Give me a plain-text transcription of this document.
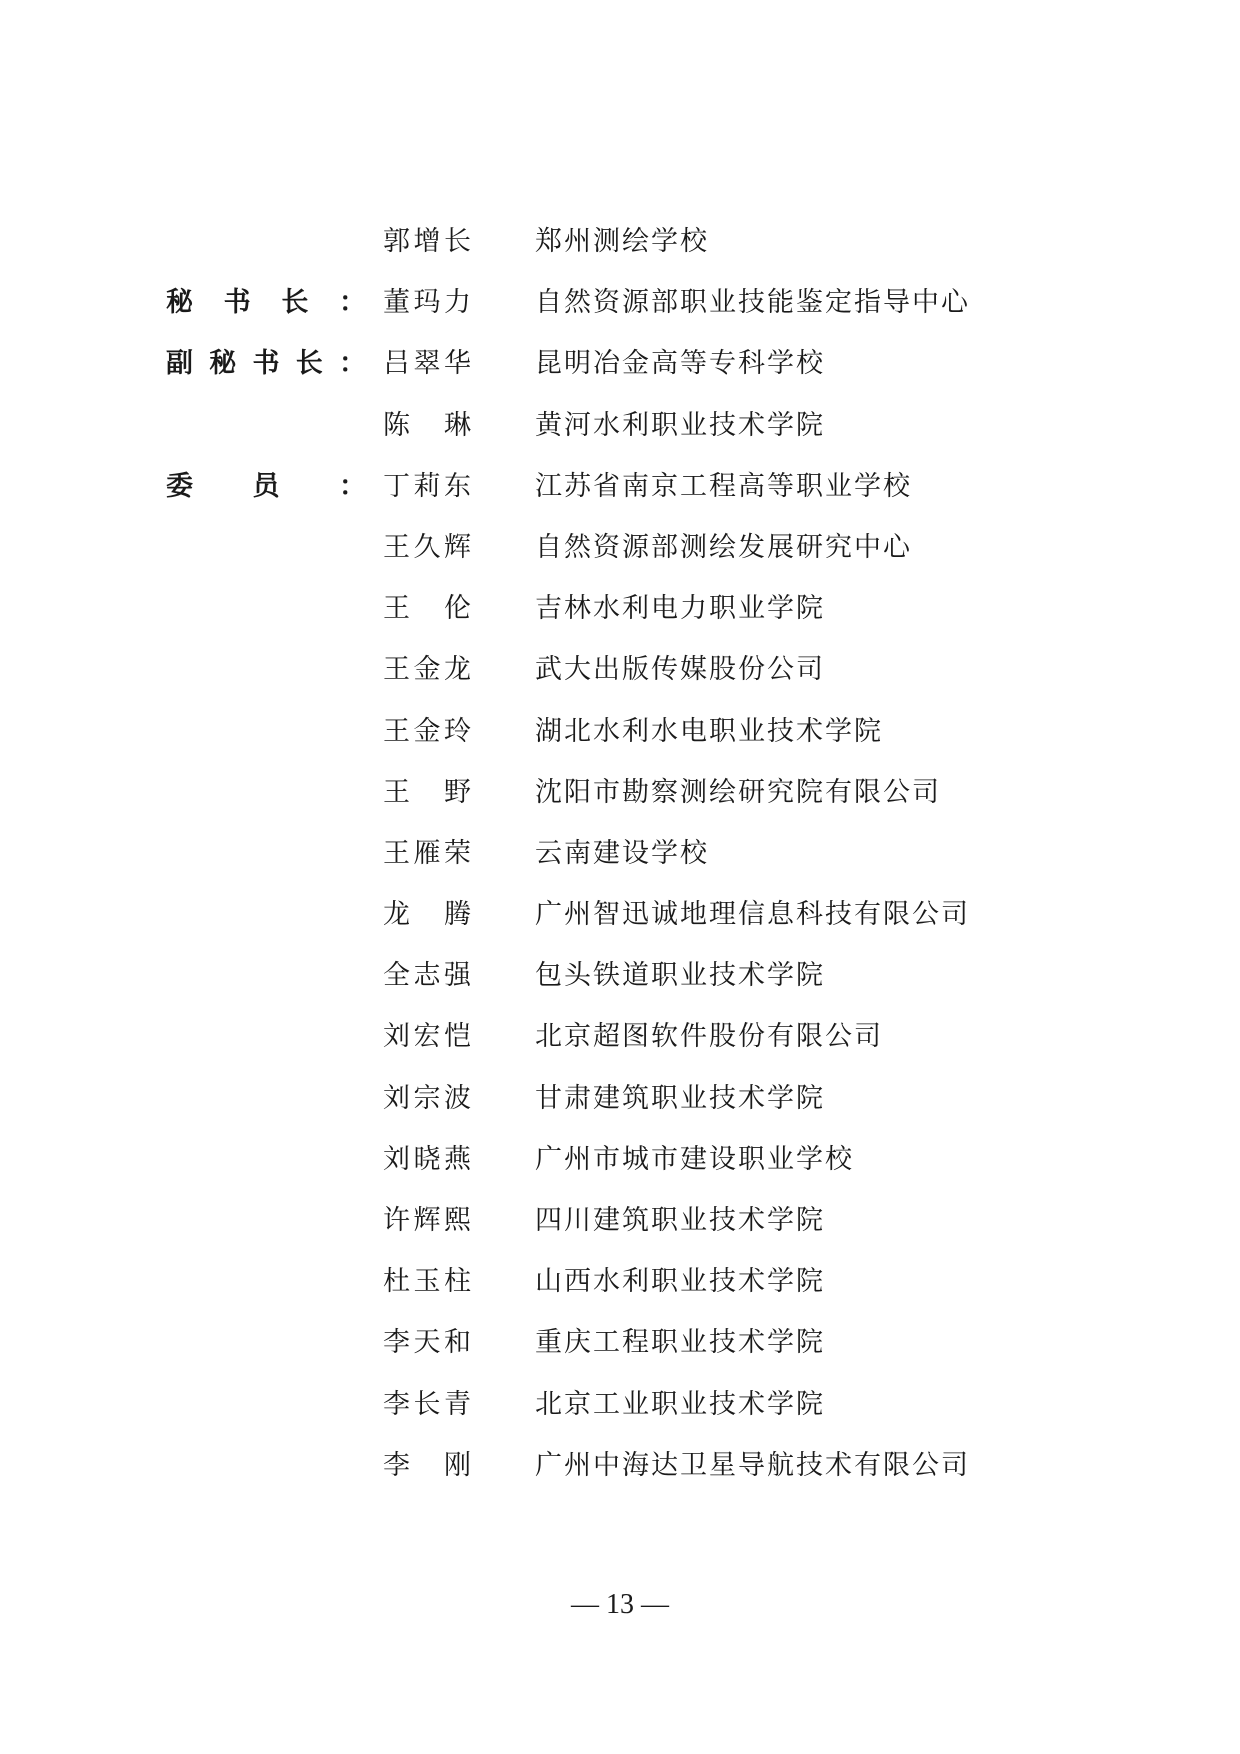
郭 增 长 郑州测绘学校
秘 书 长 ： 董 玛 力 自然资源部职业技能鉴定指导中心
副 秘 书 长 ： 吕 翠 华 昆明冶金高等专科学校
陈 琳 黄河水利职业技术学院
委 员 ： 丁 莉 东 江苏省南京工程高等职业学校
王 久 辉 自然资源部测绘发展研究中心
王 伦 吉林水利电力职业学院
王 金 龙 武大出版传媒股份公司
王 金 玲 湖北水利水电职业技术学院
王 野 沈阳市勘察测绘研究院有限公司
王 雁 荣 云南建设学校
龙 腾 广州智迅诚地理信息科技有限公司
全 志 强 包头铁道职业技术学院
刘 宏 恺 北京超图软件股份有限公司
刘 宗 波 甘肃建筑职业技术学院
刘 晓 燕 广州市城市建设职业学校
许 辉 熙 四川建筑职业技术学院
杜 玉 柱 山西水利职业技术学院
李 天 和 重庆工程职业技术学院
李 长 青 北京工业职业技术学院
李 刚 广州中海达卫星导航技术有限公司
— 13 —
